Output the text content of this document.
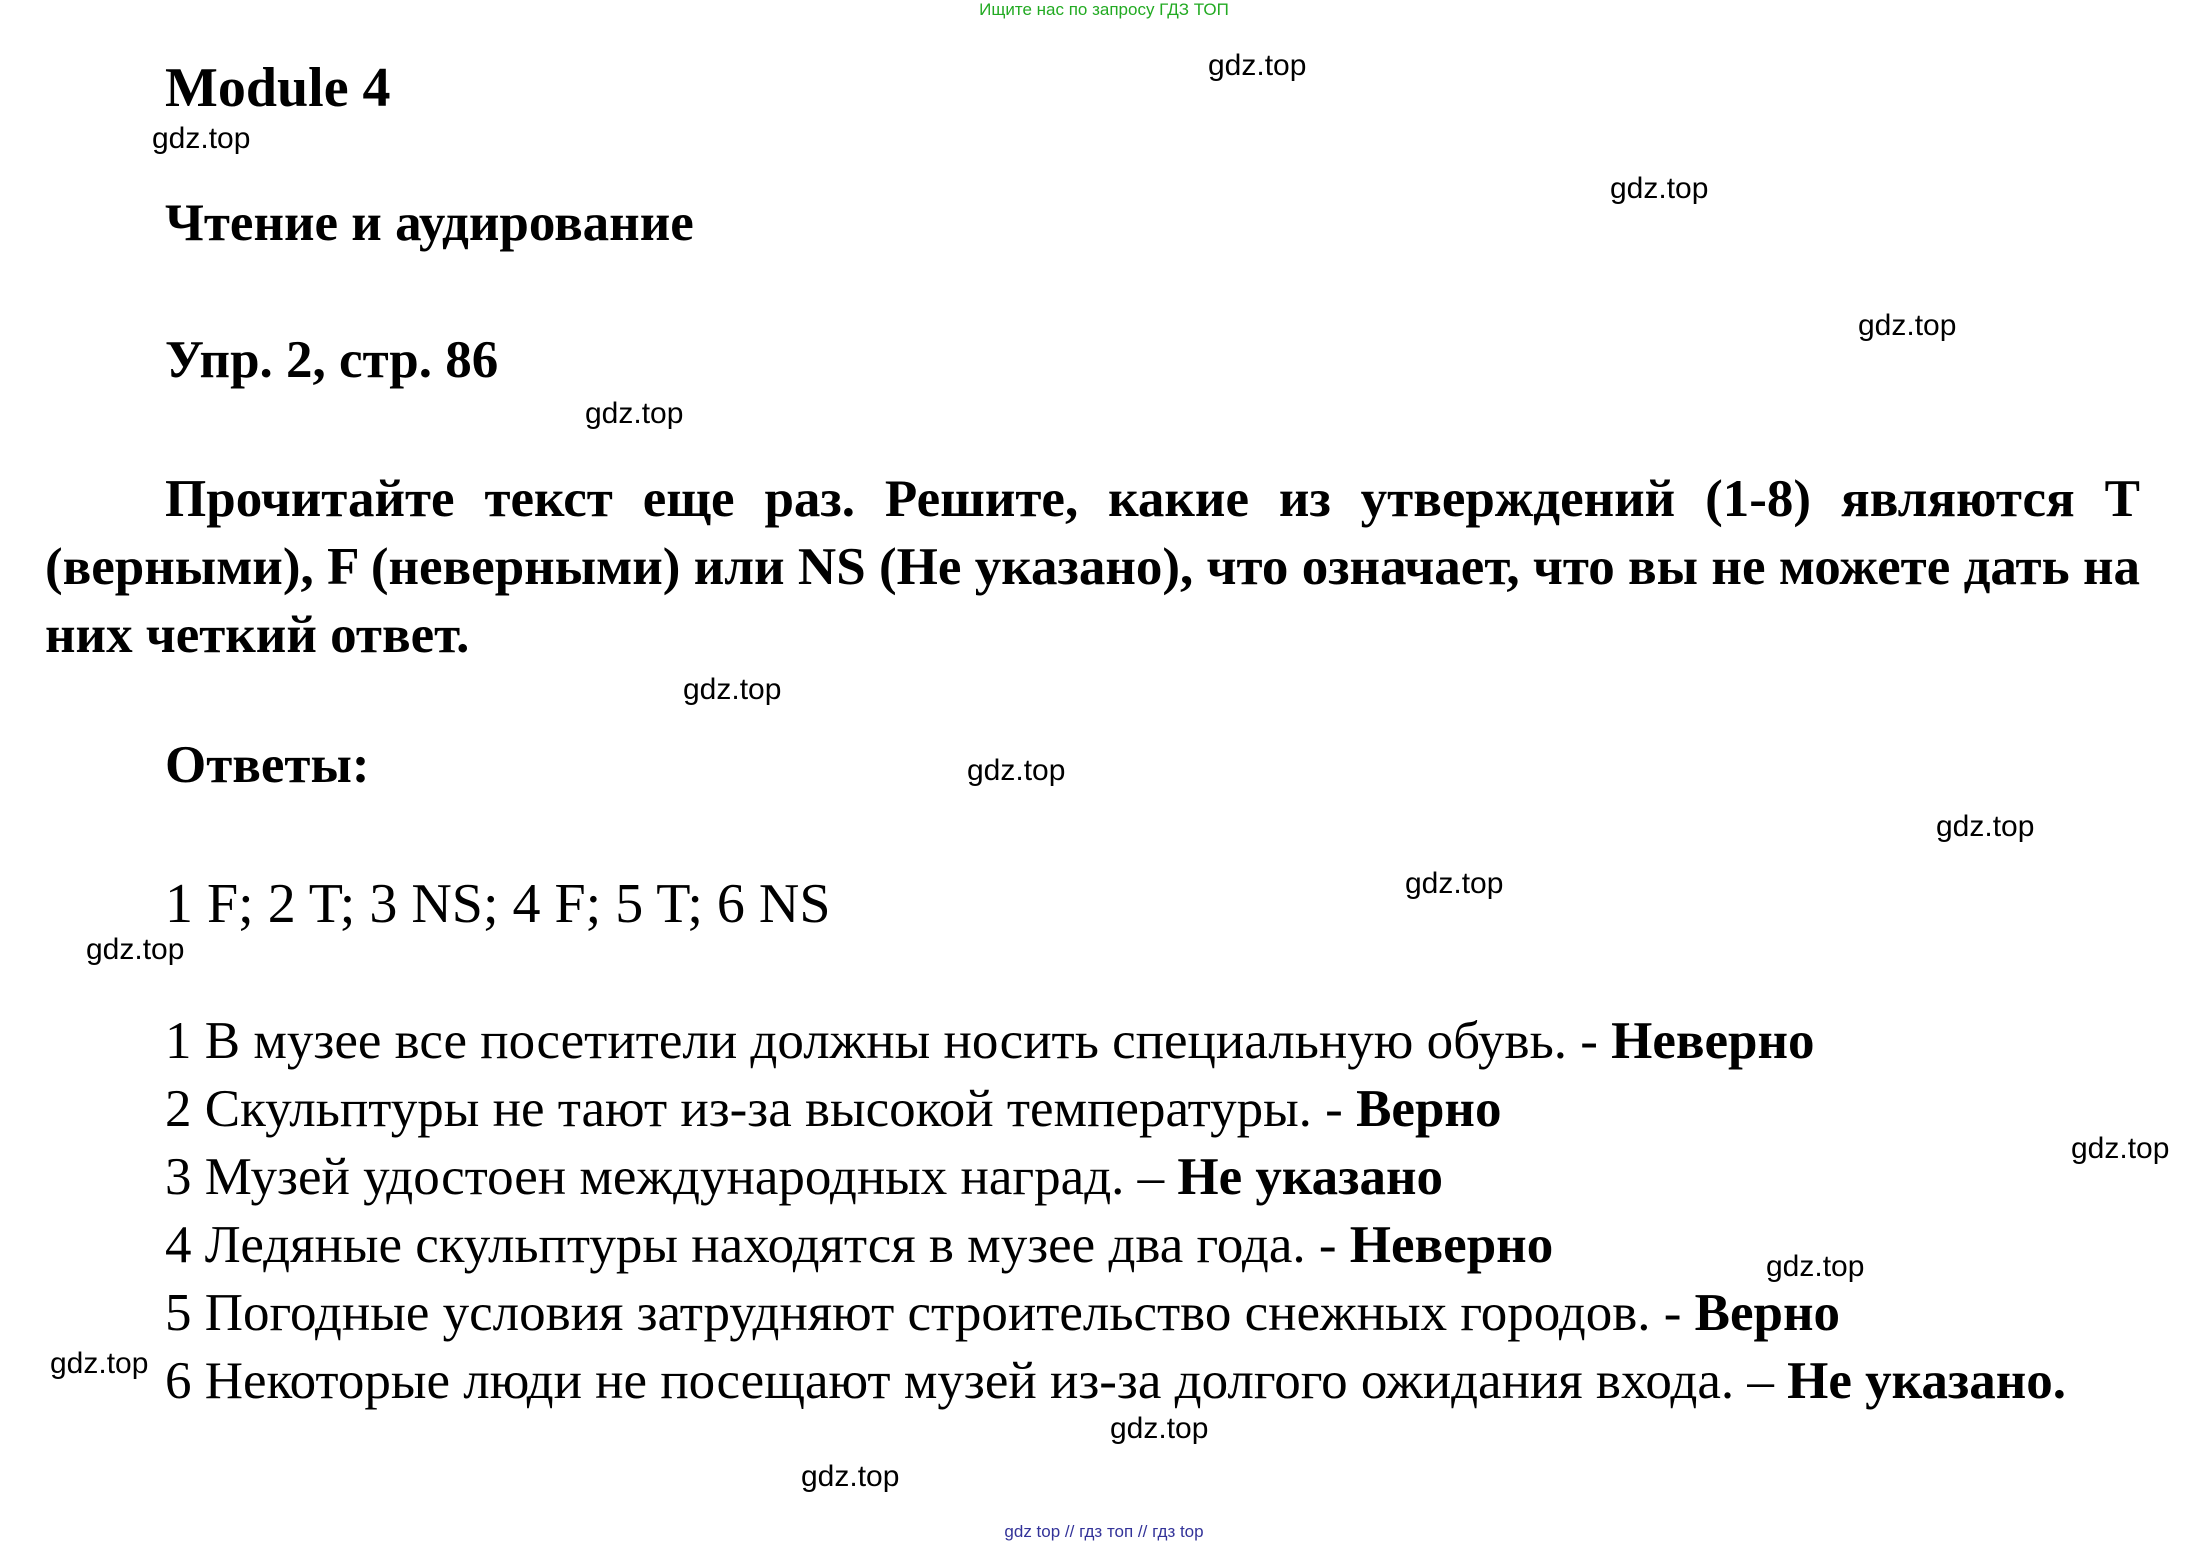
Ищите нас по запросу ГДЗ ТОП
Module 4
Чтение и аудирование
Упр. 2, стр. 86
Прочитайте текст еще раз. Решите, какие из утверждений (1-8) являются T (верными), F (неверными) или NS (Не указано), что означает, что вы не можете дать на них четкий ответ.
Ответы:
1 F; 2 T; 3 NS; 4 F; 5 T; 6 NS
1 В музее все посетители должны носить специальную обувь. - Неверно
2 Скульптуры не тают из-за высокой температуры. - Верно
3 Музей удостоен международных наград. – Не указано
4 Ледяные скульптуры находятся в музее два года. - Неверно
5 Погодные условия затрудняют строительство снежных городов. - Верно
6 Некоторые люди не посещают музей из-за долгого ожидания входа. – Не указано.
gdz.top
gdz.top
gdz.top
gdz.top
gdz.top
gdz.top
gdz.top
gdz.top
gdz.top
gdz.top
gdz.top
gdz.top
gdz.top
gdz.top
gdz.top
gdz top // гдз топ // гдз top
